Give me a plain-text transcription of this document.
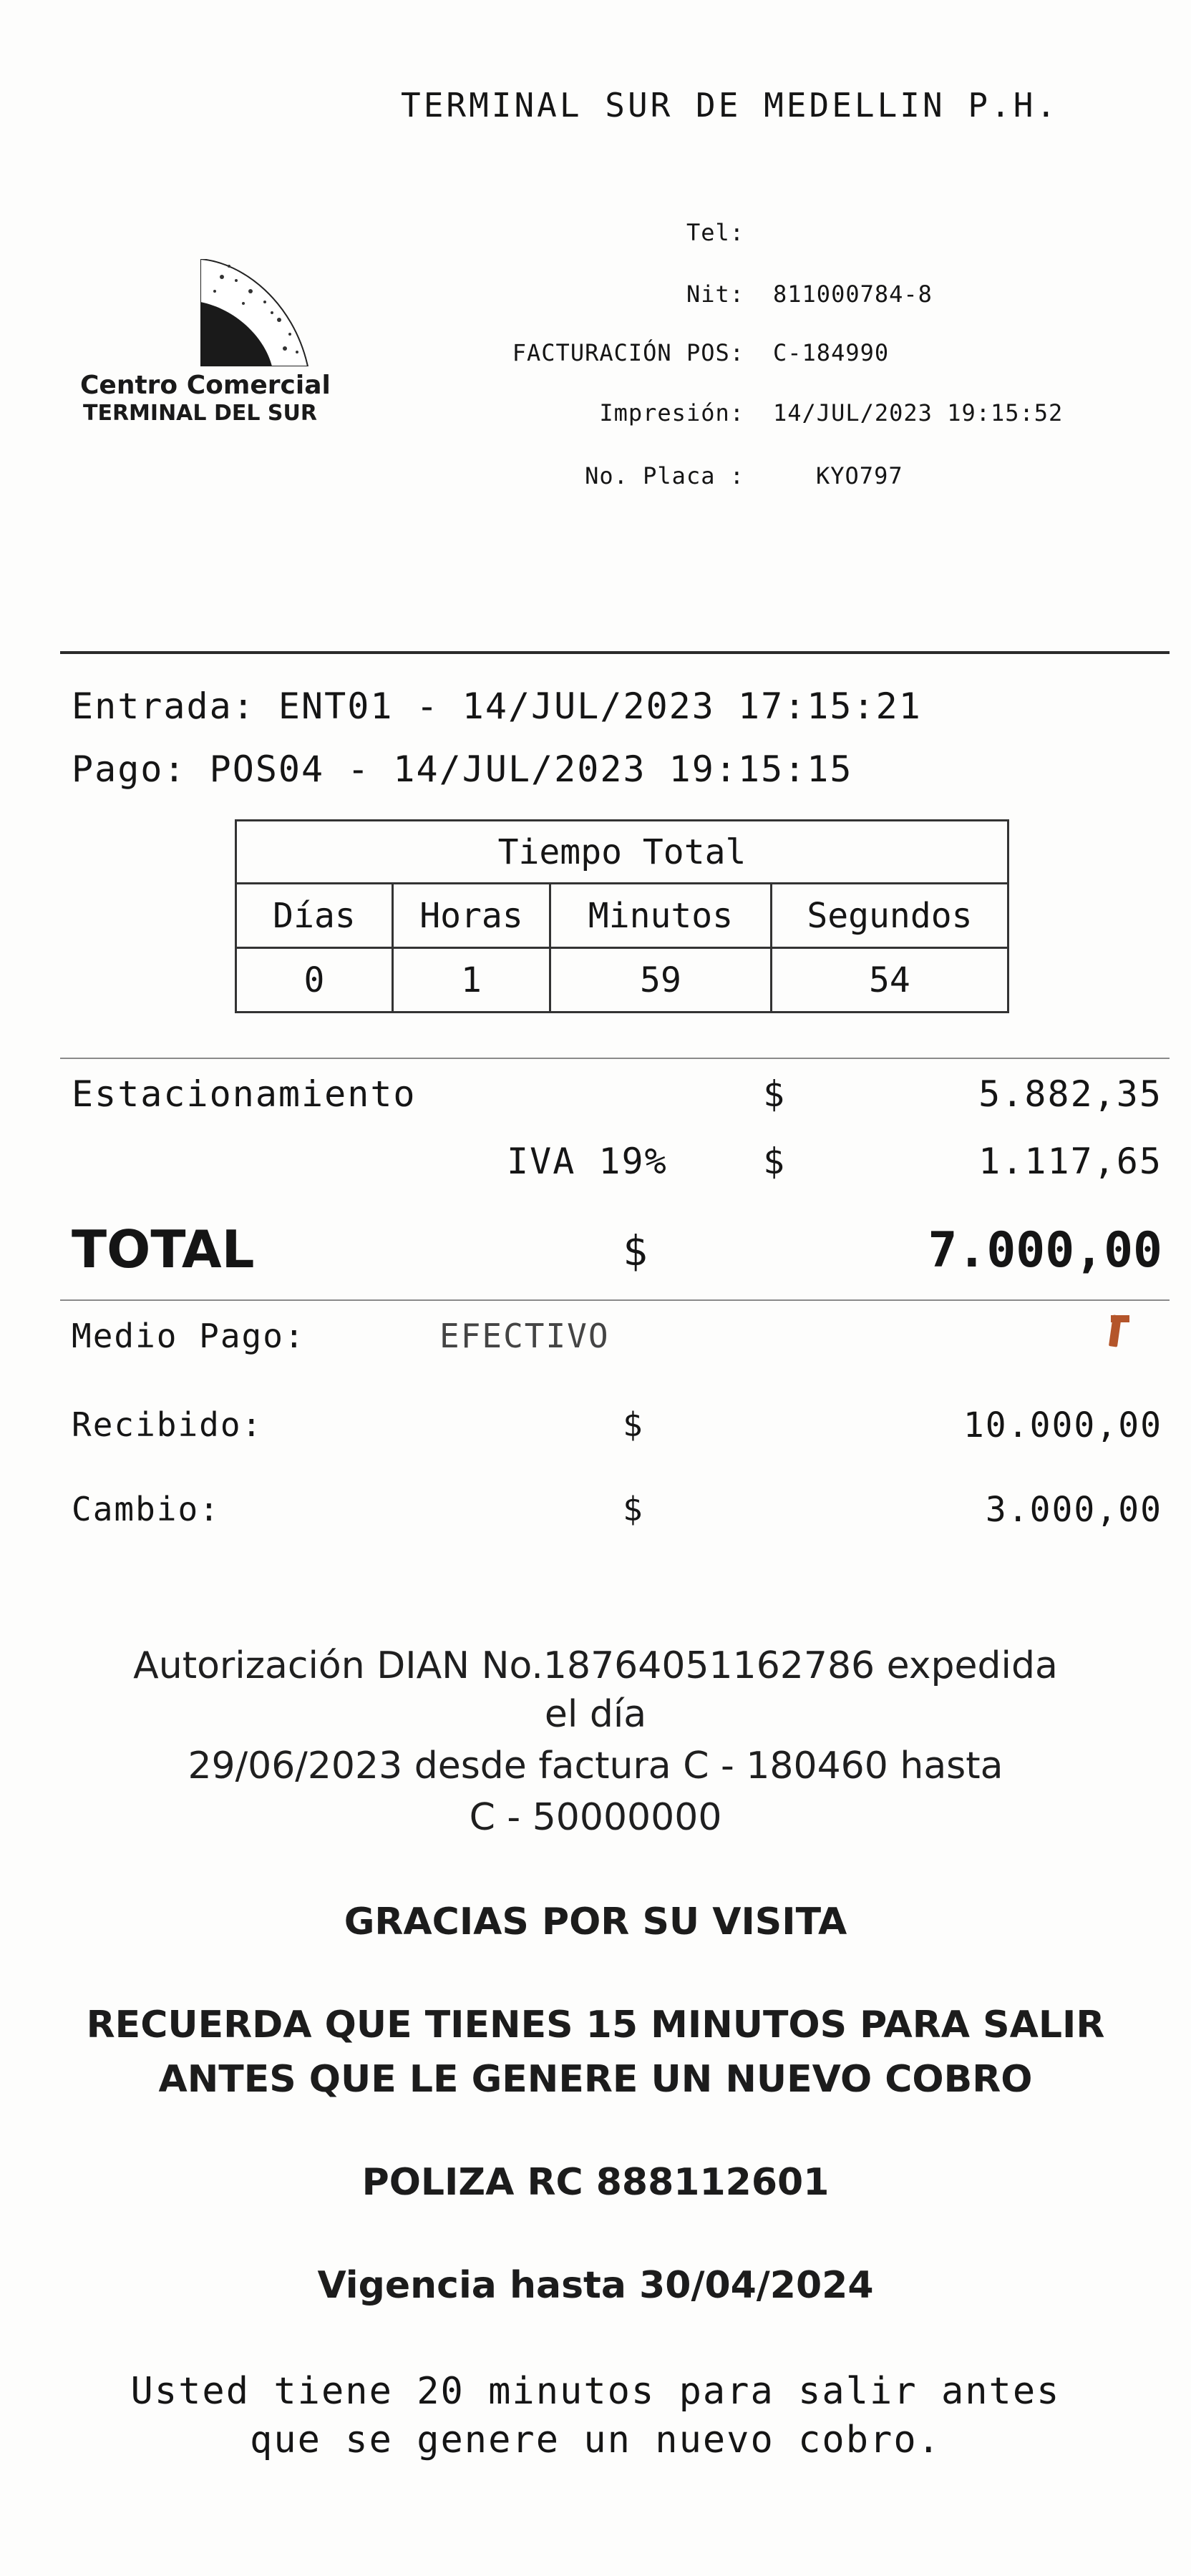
TERMINAL SUR DE MEDELLIN P.H.
Tel:
Nit: 811000784-8
FACTURACIÓN POS: C-184990
Impresión: 14/JUL/2023 19:15:52
No. Placa :	KYO797
Centro Comercial
TERMINAL DEL SUR
Entrada: ENT01 - 14/JUL/2023 17:15:21
Pago: POS04 - 14/JUL/2023 19:15:15
Tiempo Total			
Días	Horas	Minutos	Segundos
0	1	59	54
Estacionamiento	$	5.882,35
IVA 19%	$	1.117,65
TOTAL	$	7.000,00
Medio Pago:	EFECTIVO
Recibido:	$	10.000,00
Cambio:	$	3.000,00
Autorización DIAN No.18764051162786 expedida
el día
29/06/2023 desde factura C - 180460 hasta
C - 50000000
GRACIAS POR SU VISITA
RECUERDA QUE TIENES 15 MINUTOS PARA SALIR
ANTES QUE LE GENERE UN NUEVO COBRO
POLIZA RC 888112601
Vigencia hasta 30/04/2024
Usted tiene 20 minutos para salir antes
que se genere un nuevo cobro.
